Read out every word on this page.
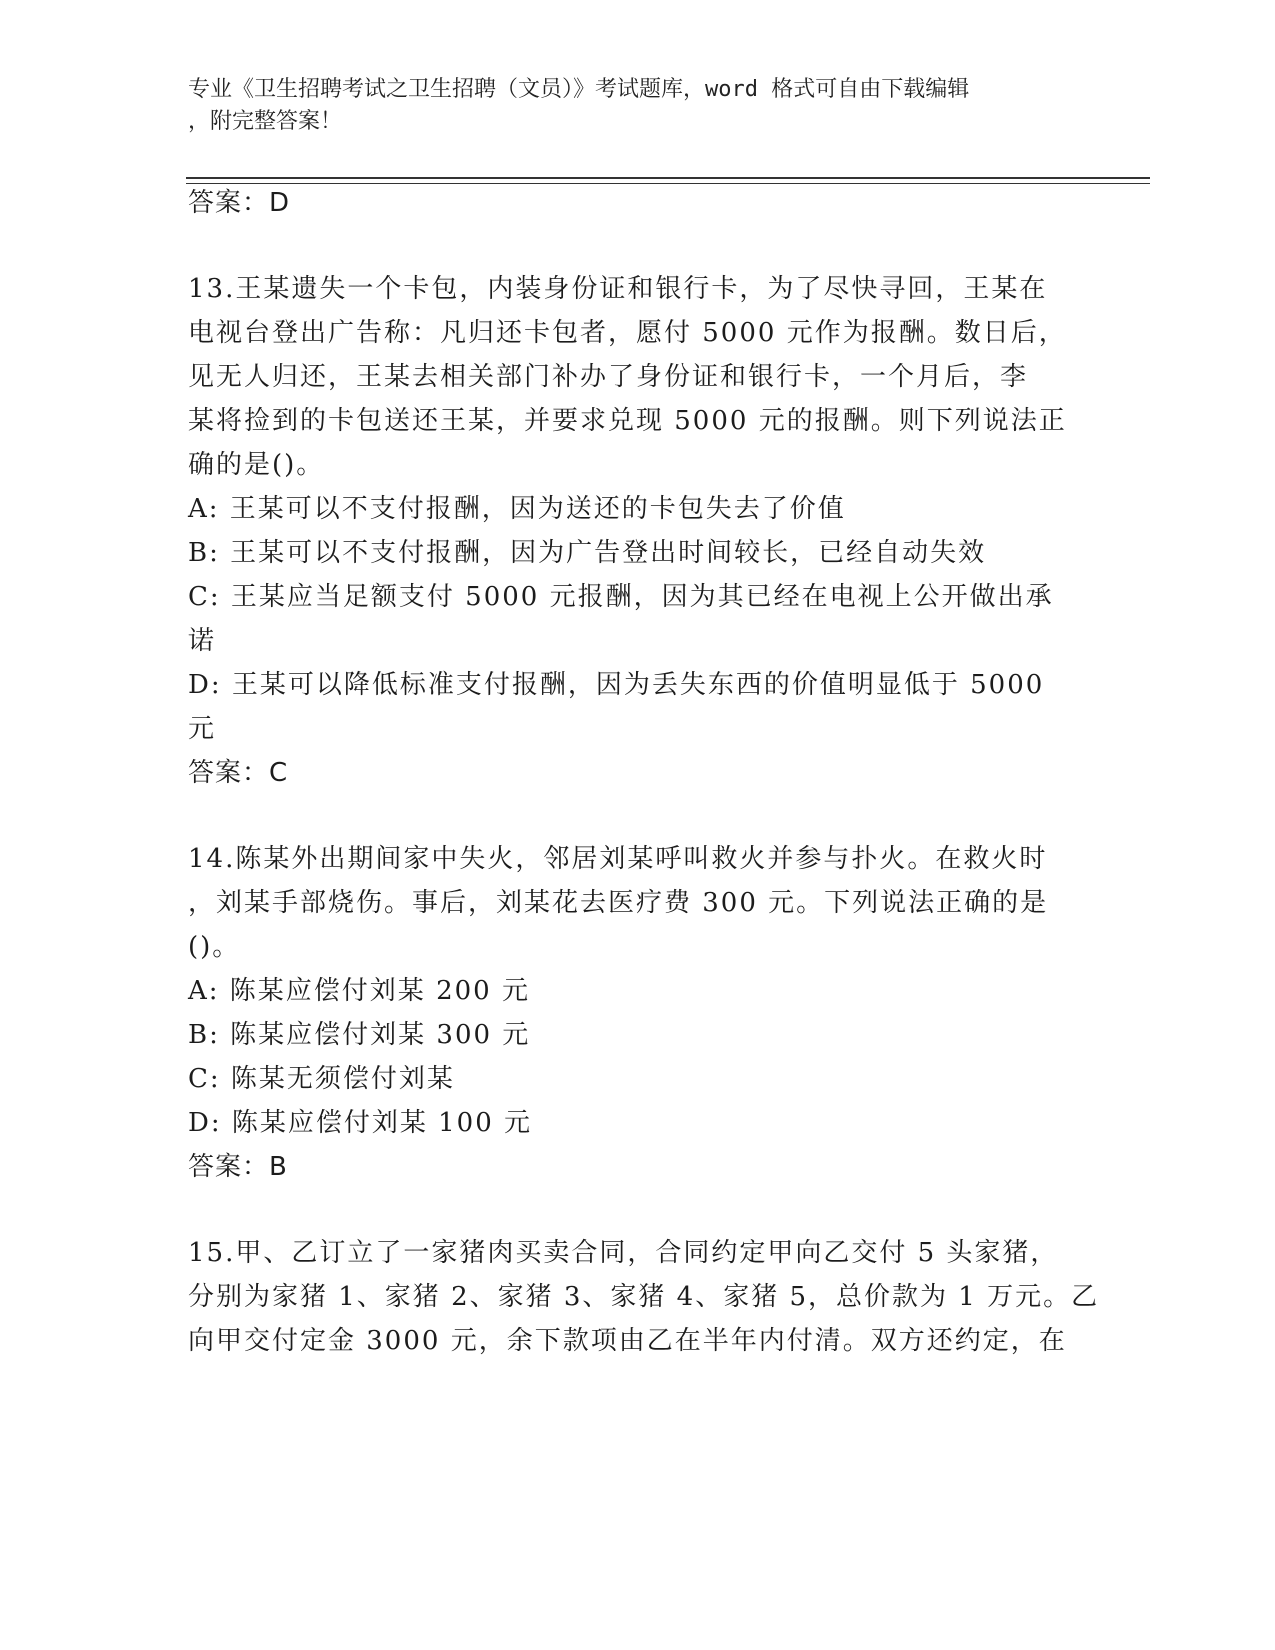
专业《卫生招聘考试之卫生招聘（文员）》考试题库，word 格式可自由下载编辑
，附完整答案！
答案：D
13.王某遗失一个卡包，内装身份证和银行卡，为了尽快寻回，王某在
电视台登出广告称：凡归还卡包者，愿付 5000 元作为报酬。数日后，
见无人归还，王某去相关部门补办了身份证和银行卡，一个月后，李
某将捡到的卡包送还王某，并要求兑现 5000 元的报酬。则下列说法正
确的是()。
A: 王某可以不支付报酬，因为送还的卡包失去了价值
B: 王某可以不支付报酬，因为广告登出时间较长，已经自动失效
C: 王某应当足额支付 5000 元报酬，因为其已经在电视上公开做出承
诺
D: 王某可以降低标准支付报酬，因为丢失东西的价值明显低于 5000
元
答案：C
14.陈某外出期间家中失火，邻居刘某呼叫救火并参与扑火。在救火时
，刘某手部烧伤。事后，刘某花去医疗费 300 元。下列说法正确的是
()。
A: 陈某应偿付刘某 200 元
B: 陈某应偿付刘某 300 元
C: 陈某无须偿付刘某
D: 陈某应偿付刘某 100 元
答案：B
15.甲、乙订立了一家猪肉买卖合同，合同约定甲向乙交付 5 头家猪，
分别为家猪 1、家猪 2、家猪 3、家猪 4、家猪 5，总价款为 1 万元。乙
向甲交付定金 3000 元，余下款项由乙在半年内付清。双方还约定，在
